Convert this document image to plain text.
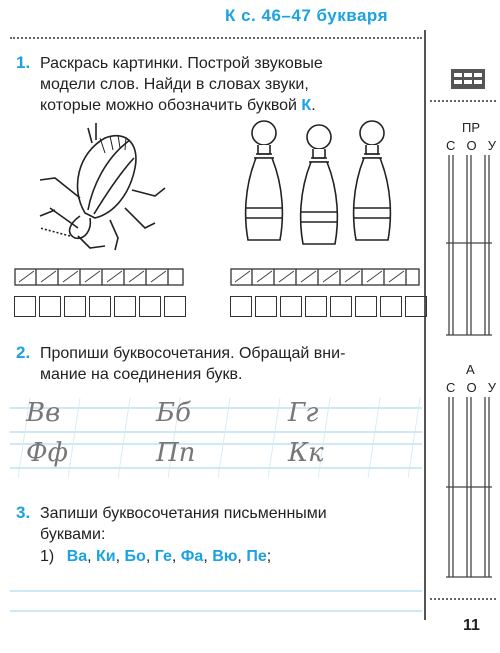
К с. 46–47 букваря
1. Раскрась картинки. Построй звуковые
модели слов. Найди в словах звуки,
которые можно обозначить буквой К.
2. Пропиши буквосочетания. Обращай вни-
мание на соединения букв.
Вв	Бб	Гг
Фф	Пп	Кк
3. Запиши буквосочетания письменными
буквами:
1) Ва, Ки, Бо, Ге, Фа, Вю, Пе;
ПР
С О У
А
С О У
11
